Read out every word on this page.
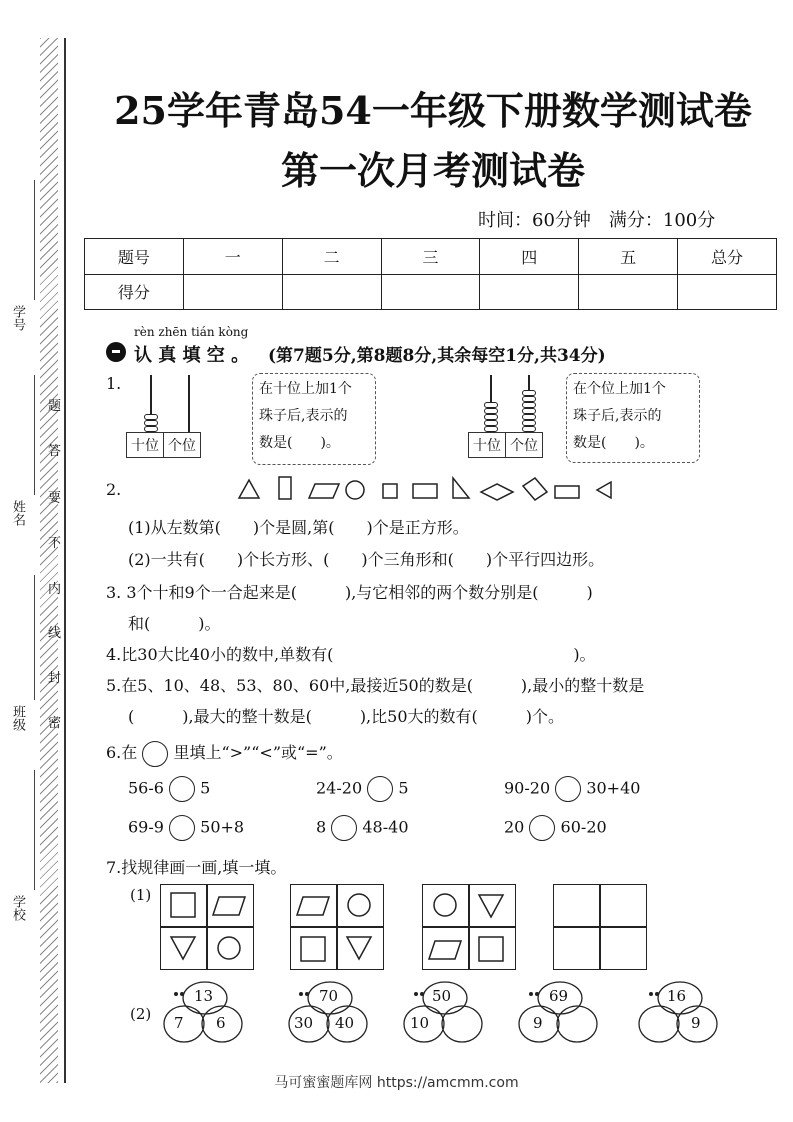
学号
姓名
班级
学校
题
答
要
不
内
线
封
密
25学年青岛54一年级下册数学测试卷
第一次月考测试卷
时间：60分钟　满分：100分
题号	一	二	三	四	五	总分
得分						
rèn zhēn tián kòng
认 真 填 空 。 (第7题5分,第8题8分,其余每空1分,共34分)
1.
十位	个位
在十位上加1个
珠子后,表示的
数是(　　)。	十位	个位
在个位上加1个
珠子后,表示的
数是(　　)。
2.
(1)从左数第(　　)个是圆,第(　　)个是正方形。
(2)一共有(　　)个长方形、(　　)个三角形和(　　)个平行四边形。
3. 3个十和9个一合起来是(　　　),与它相邻的两个数分别是(　　　)
和(　　　)。
4.比30大比40小的数中,单数有(　　　　　　　　　　　　　　　)。
5.在5、10、48、53、80、60中,最接近50的数是(　　　),最小的整十数是
(　　　),最大的整十数是(　　　),比50大的数有(　　　)个。
6.在 里填上“>”“<”或“=”。
56-6 5	24-20 5	90-20 30+40
69-9 50+8	8 48-40	20 60-20
7.找规律画一画,填一填。
(1)
(2)
13
7 6
70
30 40
50
10
69
9
16
9
马可蜜蜜题库网 https://amcmm.com
